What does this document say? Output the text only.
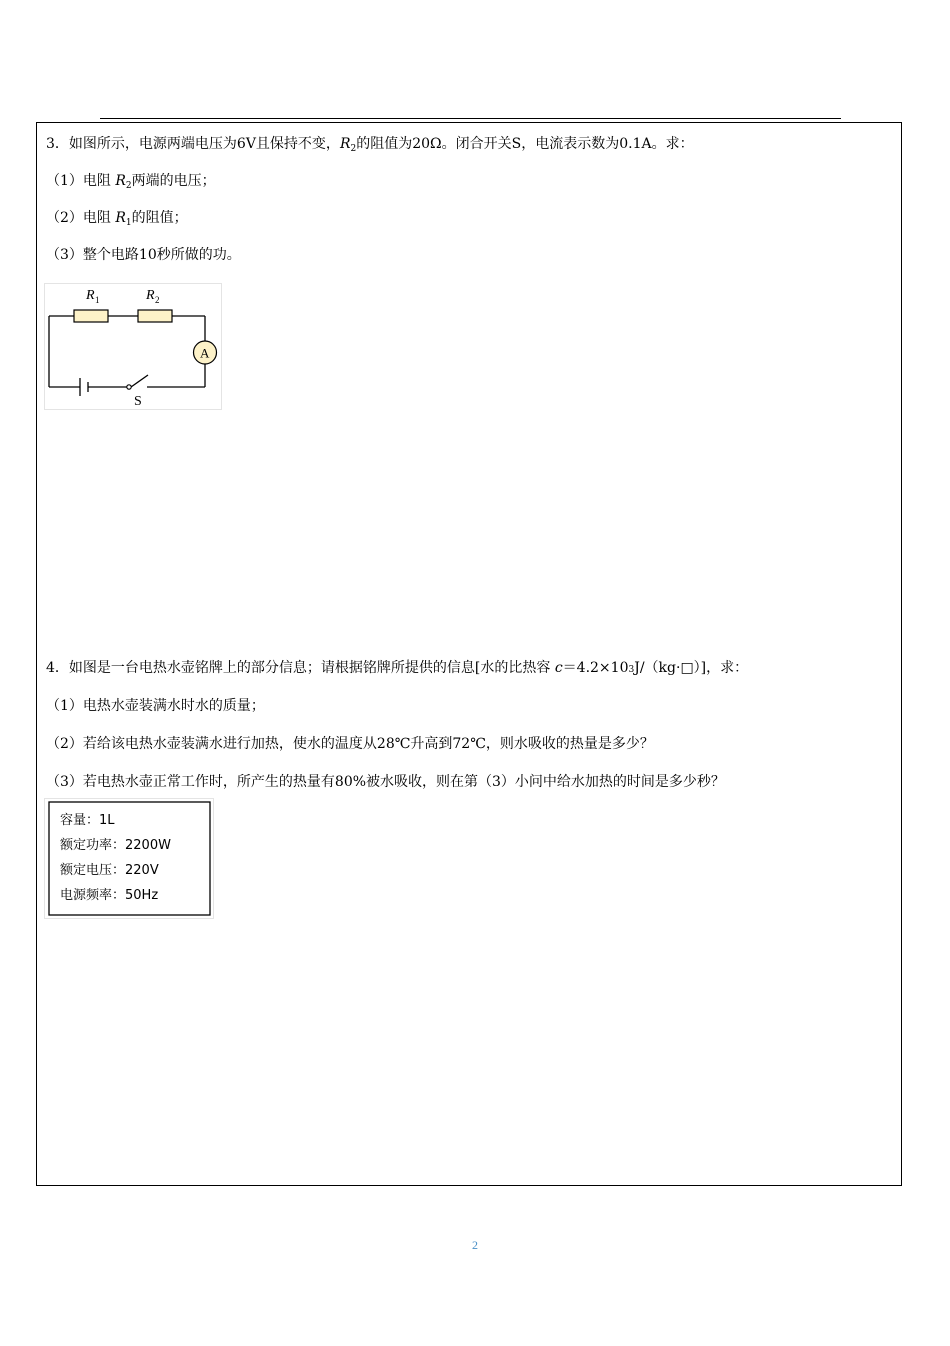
3．如图所示，电源两端电压为6V且保持不变，$R_2$的阻值为20Ω。闭合开关S，电流表示数为0.1A。求：
（1）电阻 $R_2$两端的电压；
（2）电阻 $R_1$的阻值；
（3）整个电路10秒所做的功。
R 1	R 2
A
S
4．如图是一台电热水壶铭牌上的部分信息；请根据铭牌所提供的信息[水的比热容 c＝4.2×103J/（kg·□）]，求：
（1）电热水壶装满水时水的质量；
（2）若给该电热水壶装满水进行加热，使水的温度从28℃升高到72℃，则水吸收的热量是多少？
（3）若电热水壶正常工作时，所产生的热量有80%被水吸收，则在第（3）小问中给水加热的时间是多少秒？
容量：1L
额定功率：2200W
额定电压：220V
电源频率：50Hz
2
